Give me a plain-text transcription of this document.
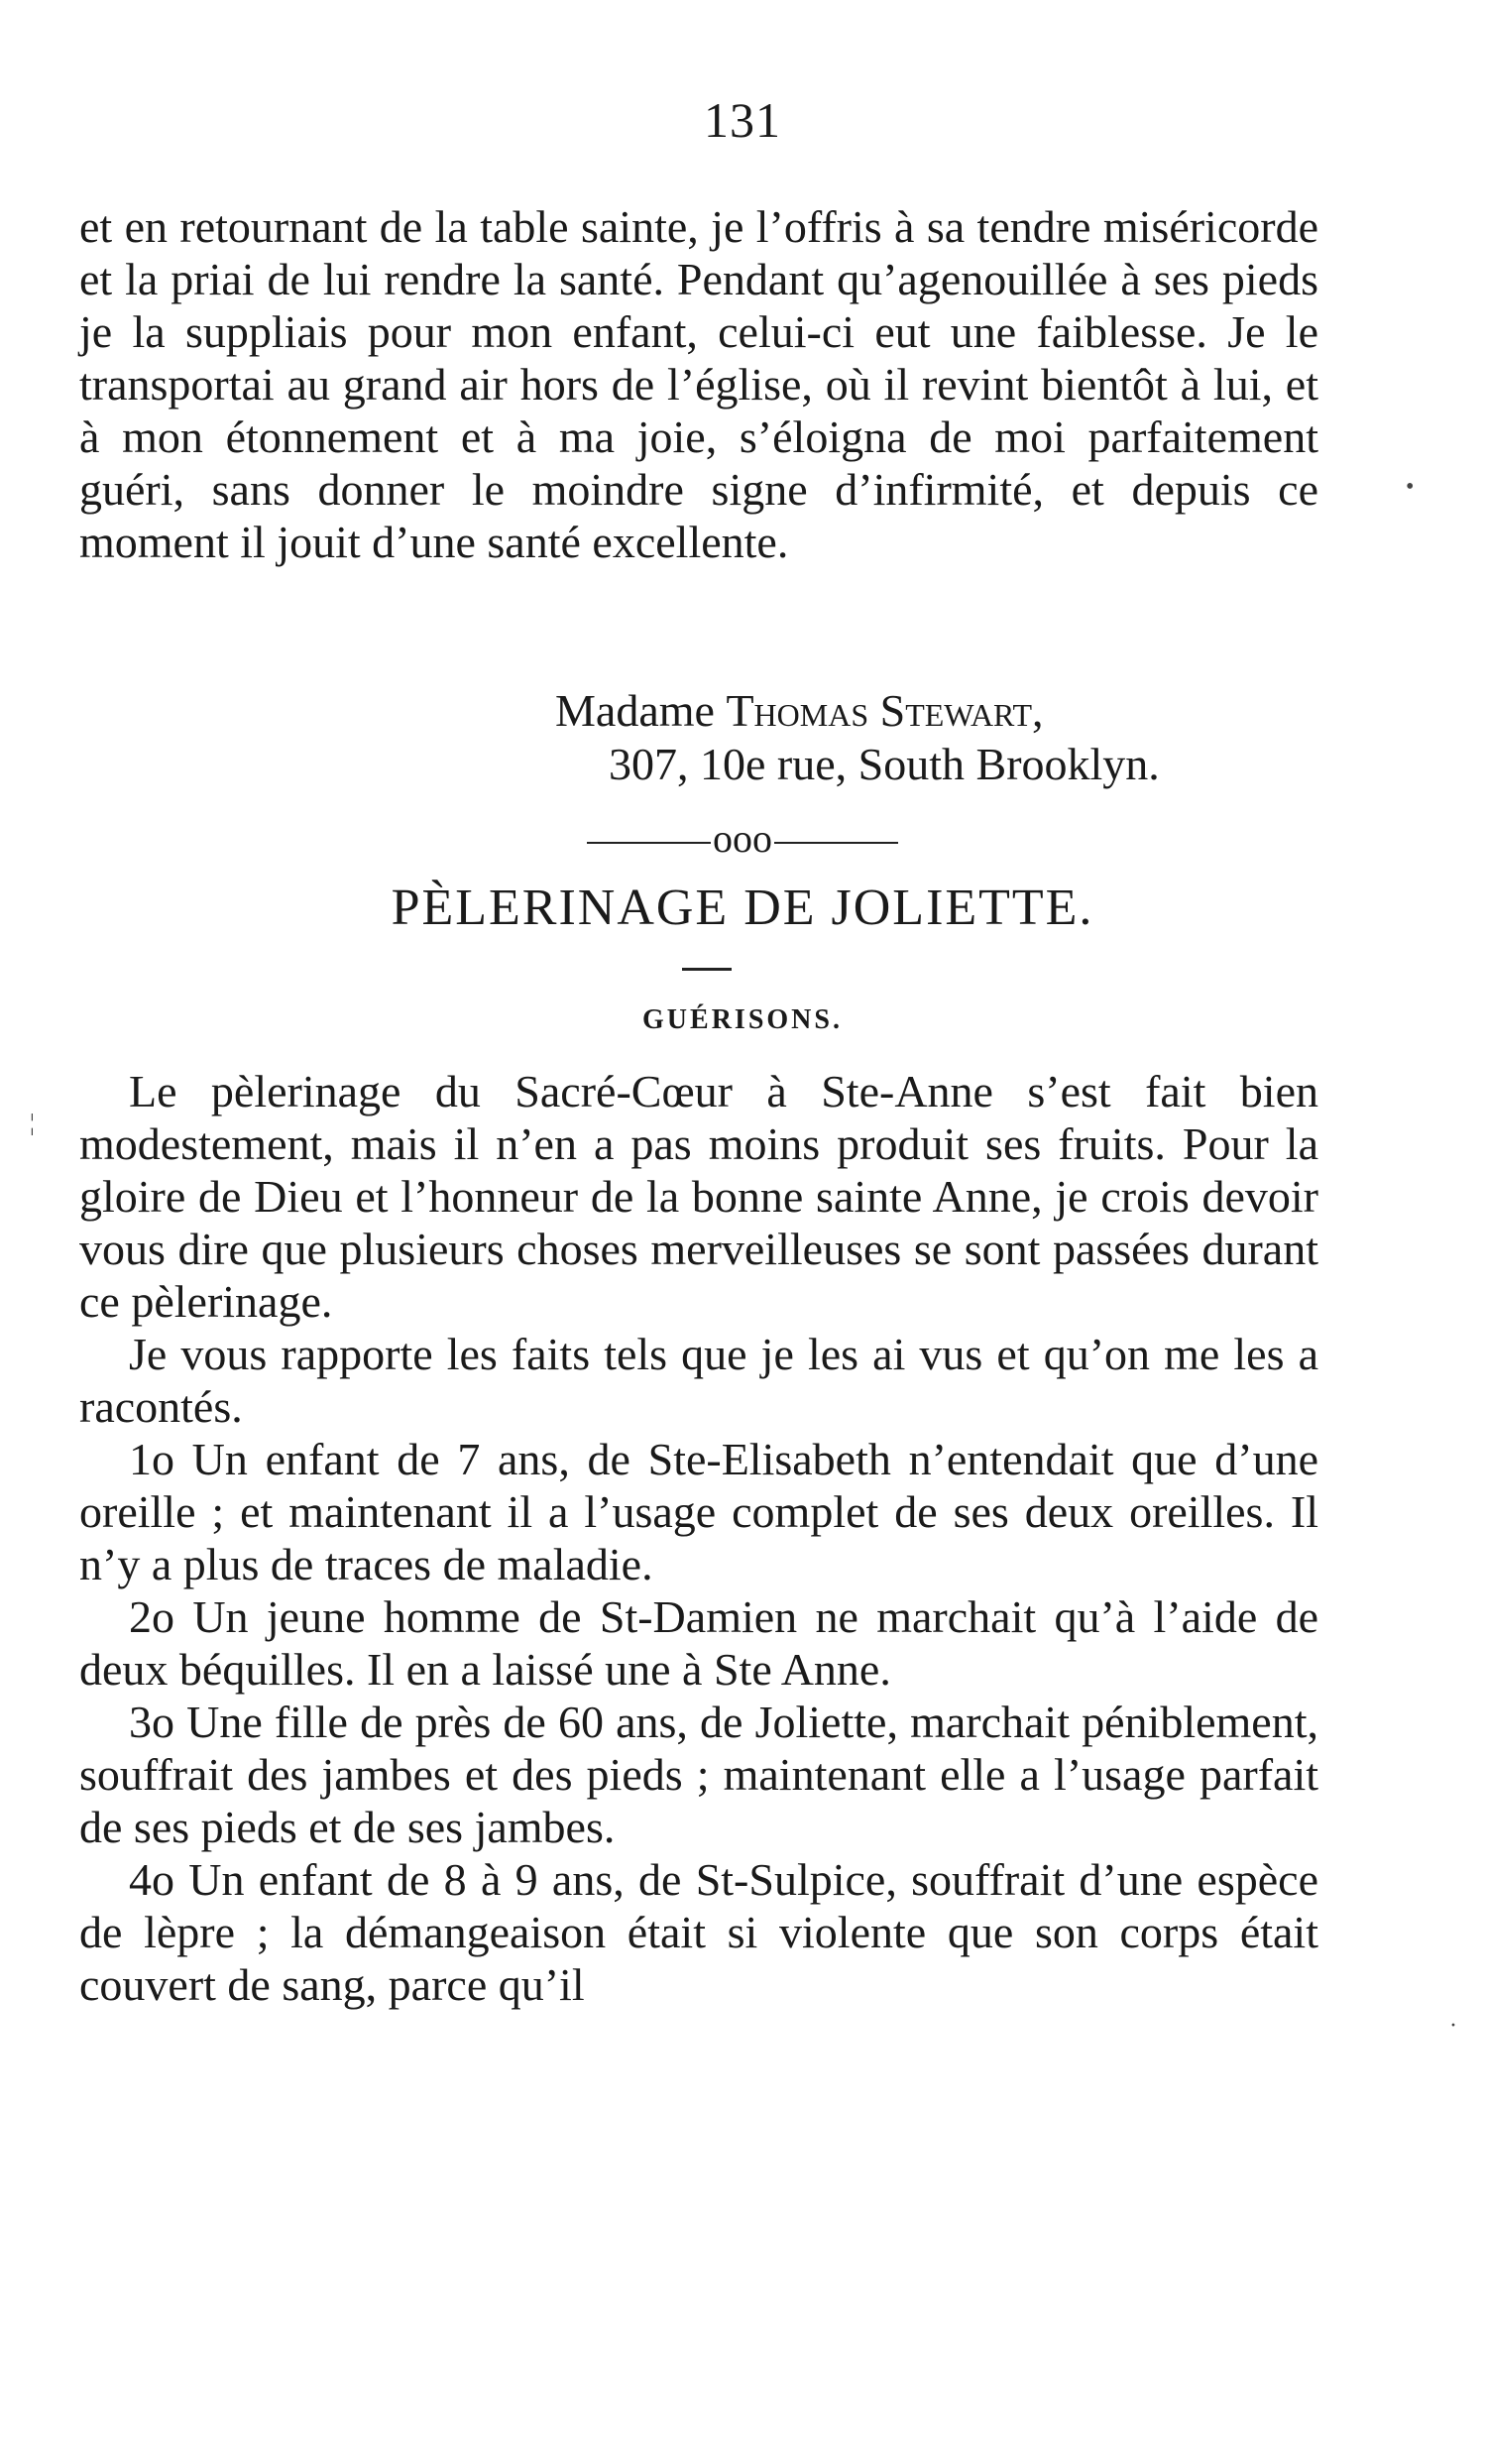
131

et en retournant de la table sainte, je l’offris à sa tendre miséricorde et la priai de lui rendre la santé. Pendant qu’agenouillée à ses pieds je la suppliais pour mon enfant, celui-ci eut une faiblesse. Je le transportai au grand air hors de l’église, où il revint bientôt à lui, et à mon étonnement et à ma joie, s’éloigna de moi parfaitement guéri, sans donner le moindre signe d’infirmité, et depuis ce moment il jouit d’une santé excellente.

Madame Thomas Stewart,
307, 10e rue, South Brooklyn.
ooo
PÈLERINAGE DE JOLIETTE.
GUÉRISONS.

Le pèlerinage du Sacré-Cœur à Ste-Anne s’est fait bien modestement, mais il n’en a pas moins produit ses fruits. Pour la gloire de Dieu et l’honneur de la bonne sainte Anne, je crois devoir vous dire que plusieurs choses merveilleuses se sont passées durant ce pèlerinage.

Je vous rapporte les faits tels que je les ai vus et qu’on me les a racontés.

1o Un enfant de 7 ans, de Ste-Elisabeth n’entendait que d’une oreille ; et maintenant il a l’usage complet de ses deux oreilles. Il n’y a plus de traces de maladie.

2o Un jeune homme de St-Damien ne marchait qu’à l’aide de deux béquilles. Il en a laissé une à Ste Anne.

3o Une fille de près de 60 ans, de Joliette, marchait péniblement, souffrait des jambes et des pieds ; maintenant elle a l’usage parfait de ses pieds et de ses jambes.

4o Un enfant de 8 à 9 ans, de St-Sulpice, souffrait d’une espèce de lèpre ; la démangeaison était si violente que son corps était couvert de sang, parce qu’il

•
¦
·
